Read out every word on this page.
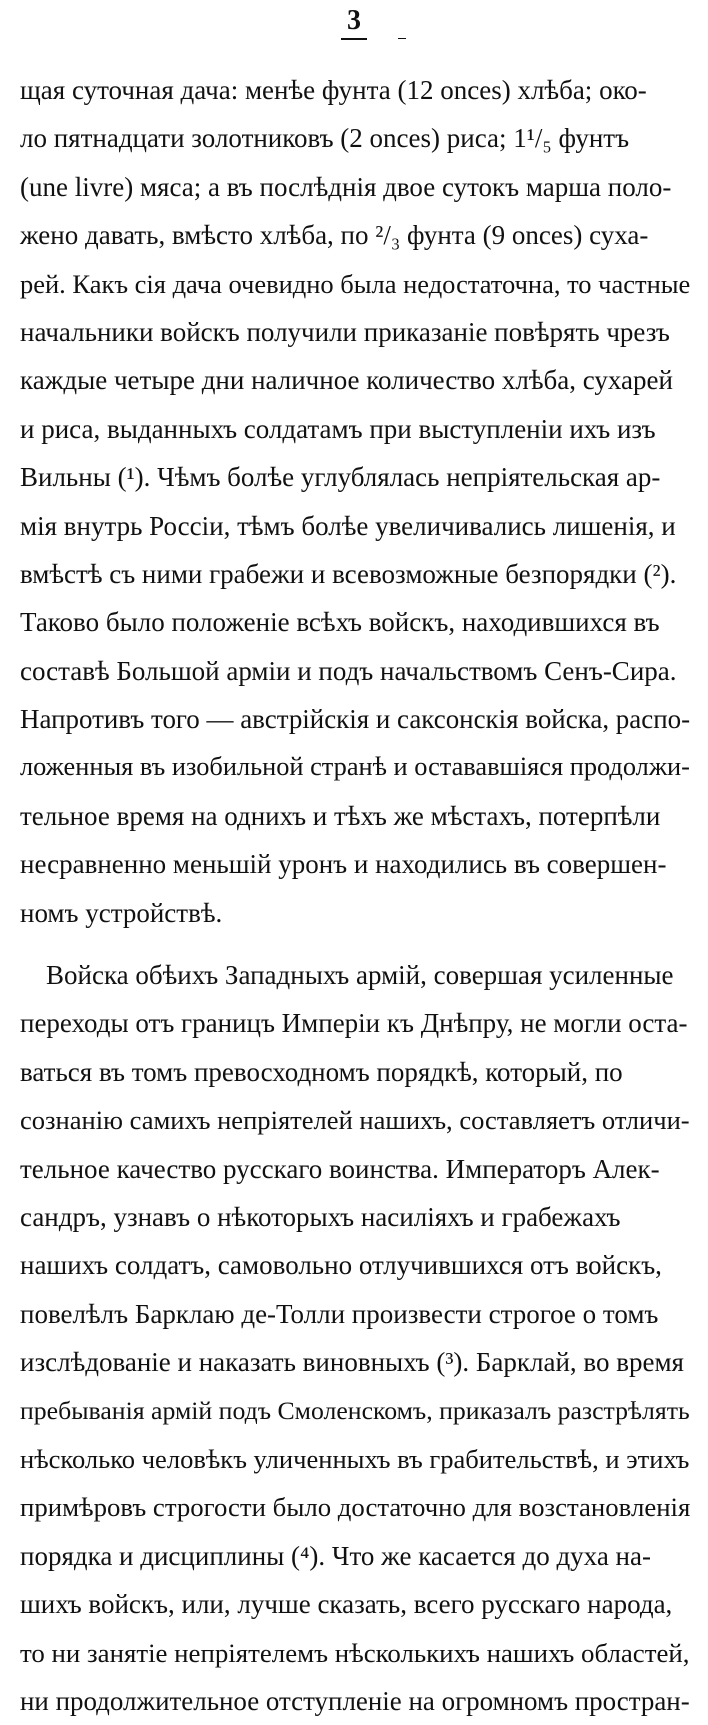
3
щая суточная дача: менѣе фунта (12 onces) хлѣба; око-
ло пятнадцати золотниковъ (2 onces) риса; 1¹/₅ фунтъ
(une livre) мяса; а въ послѣднія двое сутокъ марша поло-
жено давать, вмѣсто хлѣба, по ²/₃ фунта (9 onces) суха-
рей. Какъ сія дача очевидно была недостаточна, то частные
начальники войскъ получили приказаніе повѣрять чрезъ
каждые четыре дни наличное количество хлѣба, сухарей
и риса, выданныхъ солдатамъ при выступленіи ихъ изъ
Вильны (¹). Чѣмъ болѣе углублялась непріятельская ар-
мія внутрь Россіи, тѣмъ болѣе увеличивались лишенія, и
вмѣстѣ съ ними грабежи и всевозможные безпорядки (²).
Таково было положеніе всѣхъ войскъ, находившихся въ
составѣ Большой арміи и подъ начальствомъ Сенъ-Сира.
Напротивъ того — австрійскія и саксонскія войска, распо-
ложенныя въ изобильной странѣ и остававшіяся продолжи-
тельное время на однихъ и тѣхъ же мѣстахъ, потерпѣли
несравненно меньшій уронъ и находились въ совершен-
номъ устройствѣ.
Войска обѣихъ Западныхъ армій, совершая усиленные
переходы отъ границъ Имперіи къ Днѣпру, не могли оста-
ваться въ томъ превосходномъ порядкѣ, который, по
сознанію самихъ непріятелей нашихъ, составляетъ отличи-
тельное качество русскаго воинства. Императоръ Алек-
сандръ, узнавъ о нѣкоторыхъ насиліяхъ и грабежахъ
нашихъ солдатъ, самовольно отлучившихся отъ войскъ,
повелѣлъ Барклаю де-Толли произвести строгое о томъ
изслѣдованіе и наказать виновныхъ (³). Барклай, во время
пребыванія армій подъ Смоленскомъ, приказалъ разстрѣлять
нѣсколько человѣкъ уличенныхъ въ грабительствѣ, и этихъ
примѣровъ строгости было достаточно для возстановленія
порядка и дисциплины (⁴). Что же касается до духа на-
шихъ войскъ, или, лучше сказать, всего русскаго народа,
то ни занятіе непріятелемъ нѣсколькихъ нашихъ областей,
ни продолжительное отступленіе на огромномъ простран-
